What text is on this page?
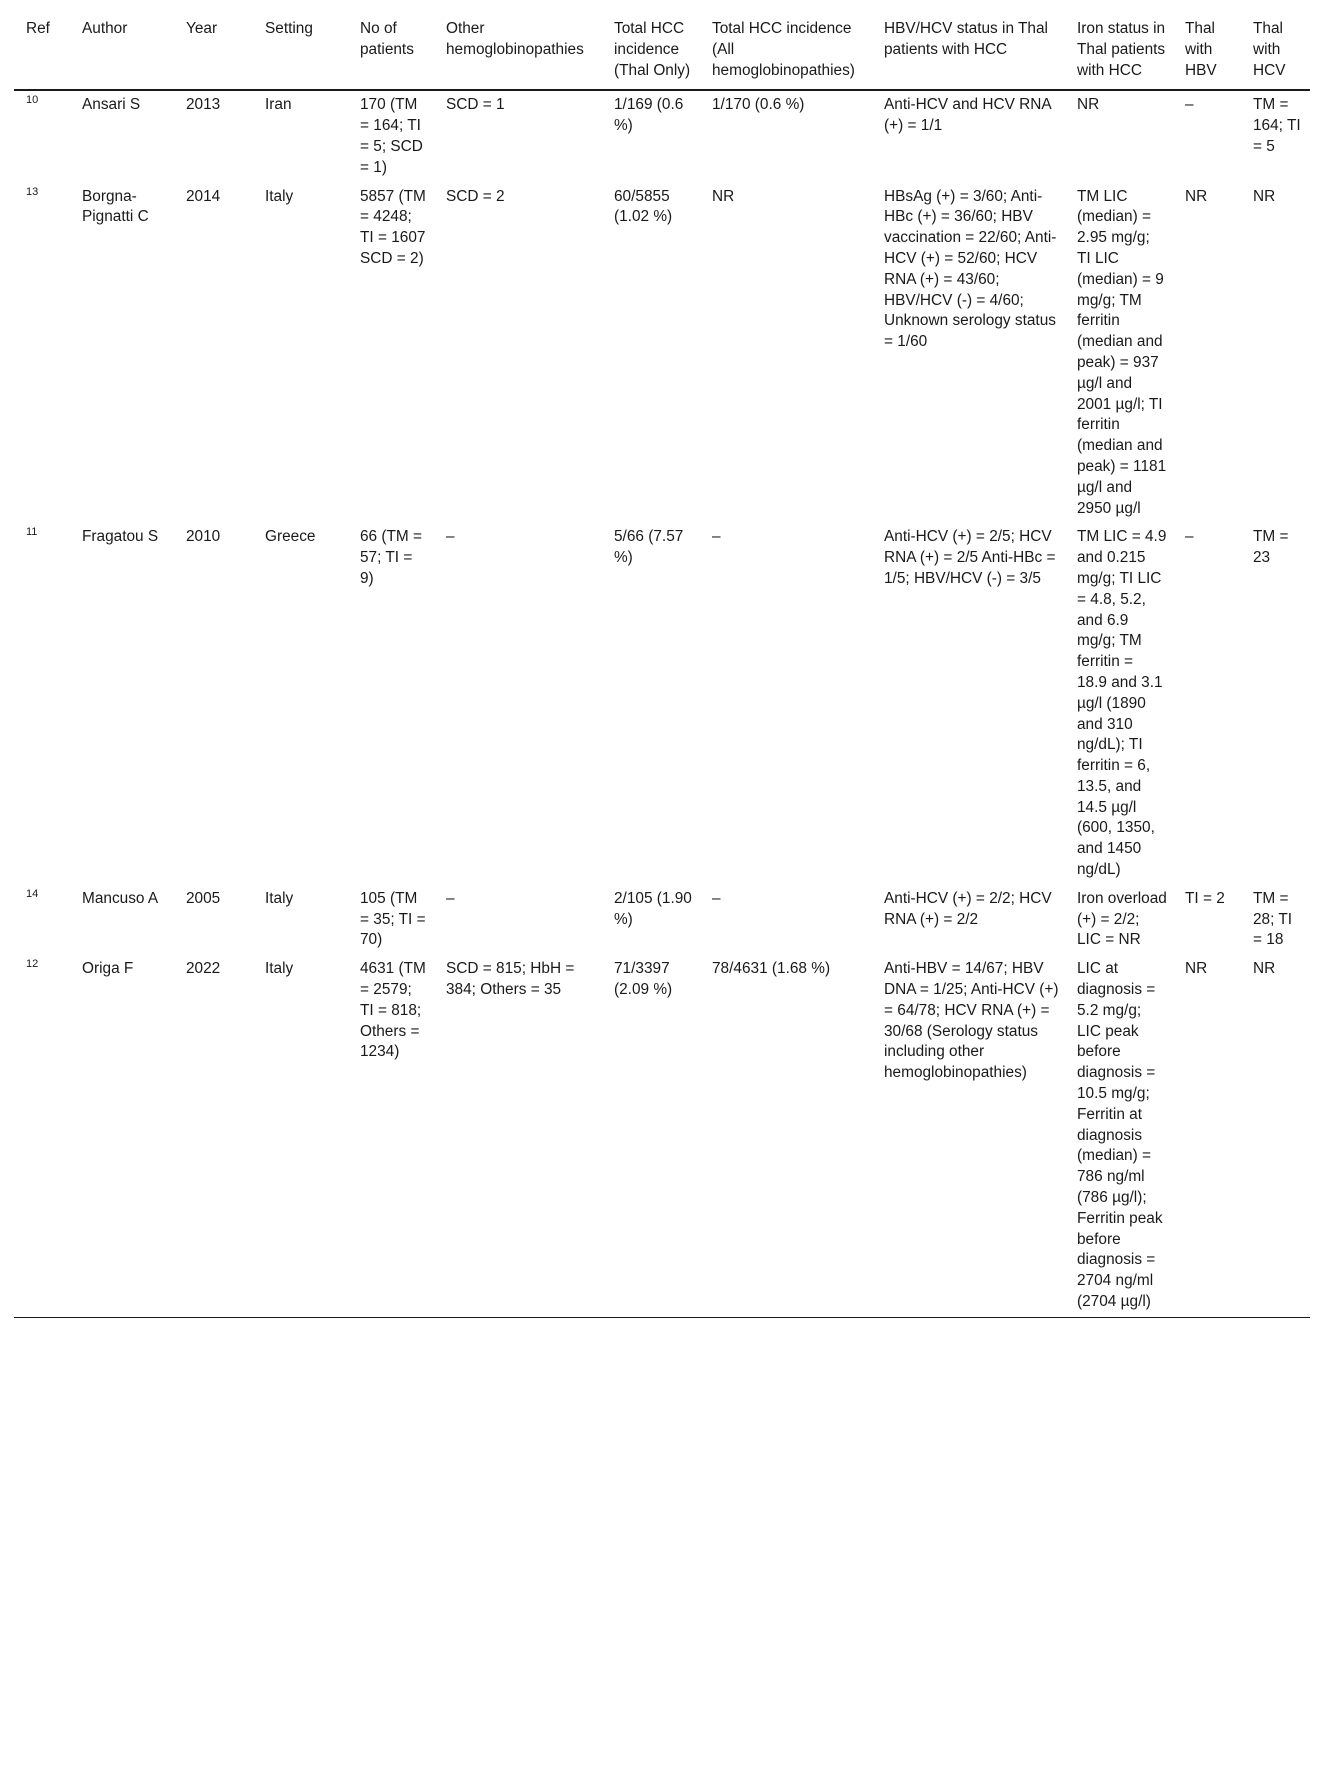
Ref	Author	Year	Setting	No of patients	Other hemoglobinopathies	Total HCC incidence (Thal Only)	Total HCC incidence (All hemoglobinopathies)	HBV/HCV status in Thal patients with HCC	Iron status in Thal patients with HCC	Thal with HBV	Thal with HCV
10	Ansari S	2013	Iran	170 (TM = 164; TI = 5; SCD = 1)	SCD = 1	1/169 (0.6 %)	1/170 (0.6 %)	Anti-HCV and HCV RNA (+) = 1/1	NR	–	TM = 164; TI = 5
13	Borgna-Pignatti C	2014	Italy	5857 (TM = 4248; TI = 1607 SCD = 2)	SCD = 2	60/5855 (1.02 %)	NR	HBsAg (+) = 3/60; Anti-HBc (+) = 36/60; HBV vaccination = 22/60; Anti-HCV (+) = 52/60; HCV RNA (+) = 43/60; HBV/HCV (-) = 4/60; Unknown serology status = 1/60	TM LIC (median) = 2.95 mg/g; TI LIC (median) = 9 mg/g; TM ferritin (median and peak) = 937 µg/l and 2001 µg/l; TI ferritin (median and peak) = 1181 µg/l and 2950 µg/l	NR	NR
11	Fragatou S	2010	Greece	66 (TM = 57; TI = 9)	–	5/66 (7.57 %)	–	Anti-HCV (+) = 2/5; HCV RNA (+) = 2/5 Anti-HBc = 1/5; HBV/HCV (-) = 3/5	TM LIC = 4.9 and 0.215 mg/g; TI LIC = 4.8, 5.2, and 6.9 mg/g; TM ferritin = 18.9 and 3.1 µg/l (1890 and 310 ng/dL); TI ferritin = 6, 13.5, and 14.5 µg/l (600, 1350, and 1450 ng/dL)	–	TM = 23
14	Mancuso A	2005	Italy	105 (TM = 35; TI = 70)	–	2/105 (1.90 %)	–	Anti-HCV (+) = 2/2; HCV RNA (+) = 2/2	Iron overload (+) = 2/2; LIC = NR	TI = 2	TM = 28; TI = 18
12	Origa F	2022	Italy	4631 (TM = 2579; TI = 818; Others = 1234)	SCD = 815; HbH = 384; Others = 35	71/3397 (2.09 %)	78/4631 (1.68 %)	Anti-HBV = 14/67; HBV DNA = 1/25; Anti-HCV (+) = 64/78; HCV RNA (+) = 30/68 (Serology status including other hemoglobinopathies)	LIC at diagnosis = 5.2 mg/g; LIC peak before diagnosis = 10.5 mg/g; Ferritin at diagnosis (median) = 786 ng/ml (786 µg/l); Ferritin peak before diagnosis = 2704 ng/ml (2704 µg/l)	NR	NR
